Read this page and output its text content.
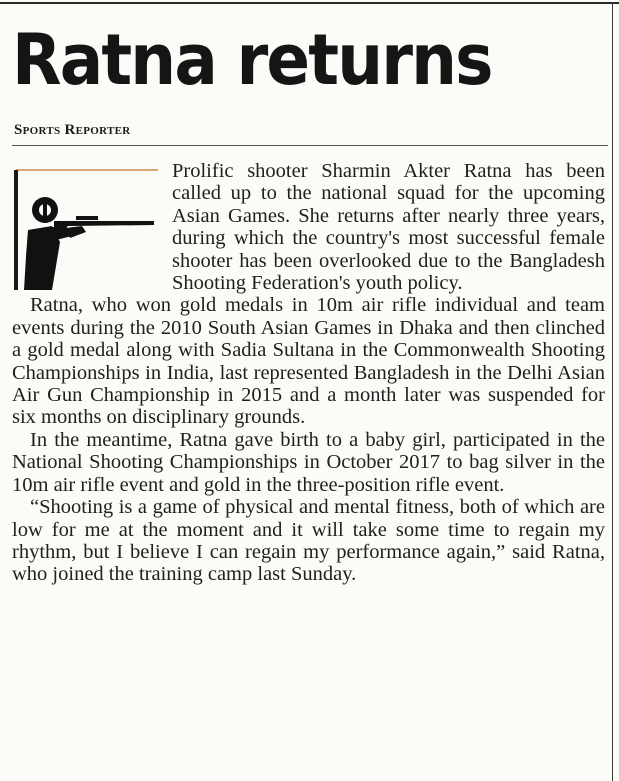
Ratna returns
Sports Reporter

Prolific shooter Sharmin Akter Ratna has been called up to the national squad for the upcoming Asian Games. She returns after nearly three years, during which the country's most successful female shooter has been overlooked due to the Bangladesh Shooting Federation's youth policy.

Ratna, who won gold medals in 10m air rifle individual and team events during the 2010 South Asian Games in Dhaka and then clinched a gold medal along with Sadia Sultana in the Commonwealth Shooting Championships in India, last represented Bangladesh in the Delhi Asian Air Gun Championship in 2015 and a month later was suspended for six months on disciplinary grounds.

In the meantime, Ratna gave birth to a baby girl, participated in the National Shooting Championships in October 2017 to bag silver in the 10m air rifle event and gold in the three-position rifle event.

“Shooting is a game of physical and mental fitness, both of which are low for me at the moment and it will take some time to regain my rhythm, but I believe I can regain my performance again,” said Ratna, who joined the training camp last Sunday.
